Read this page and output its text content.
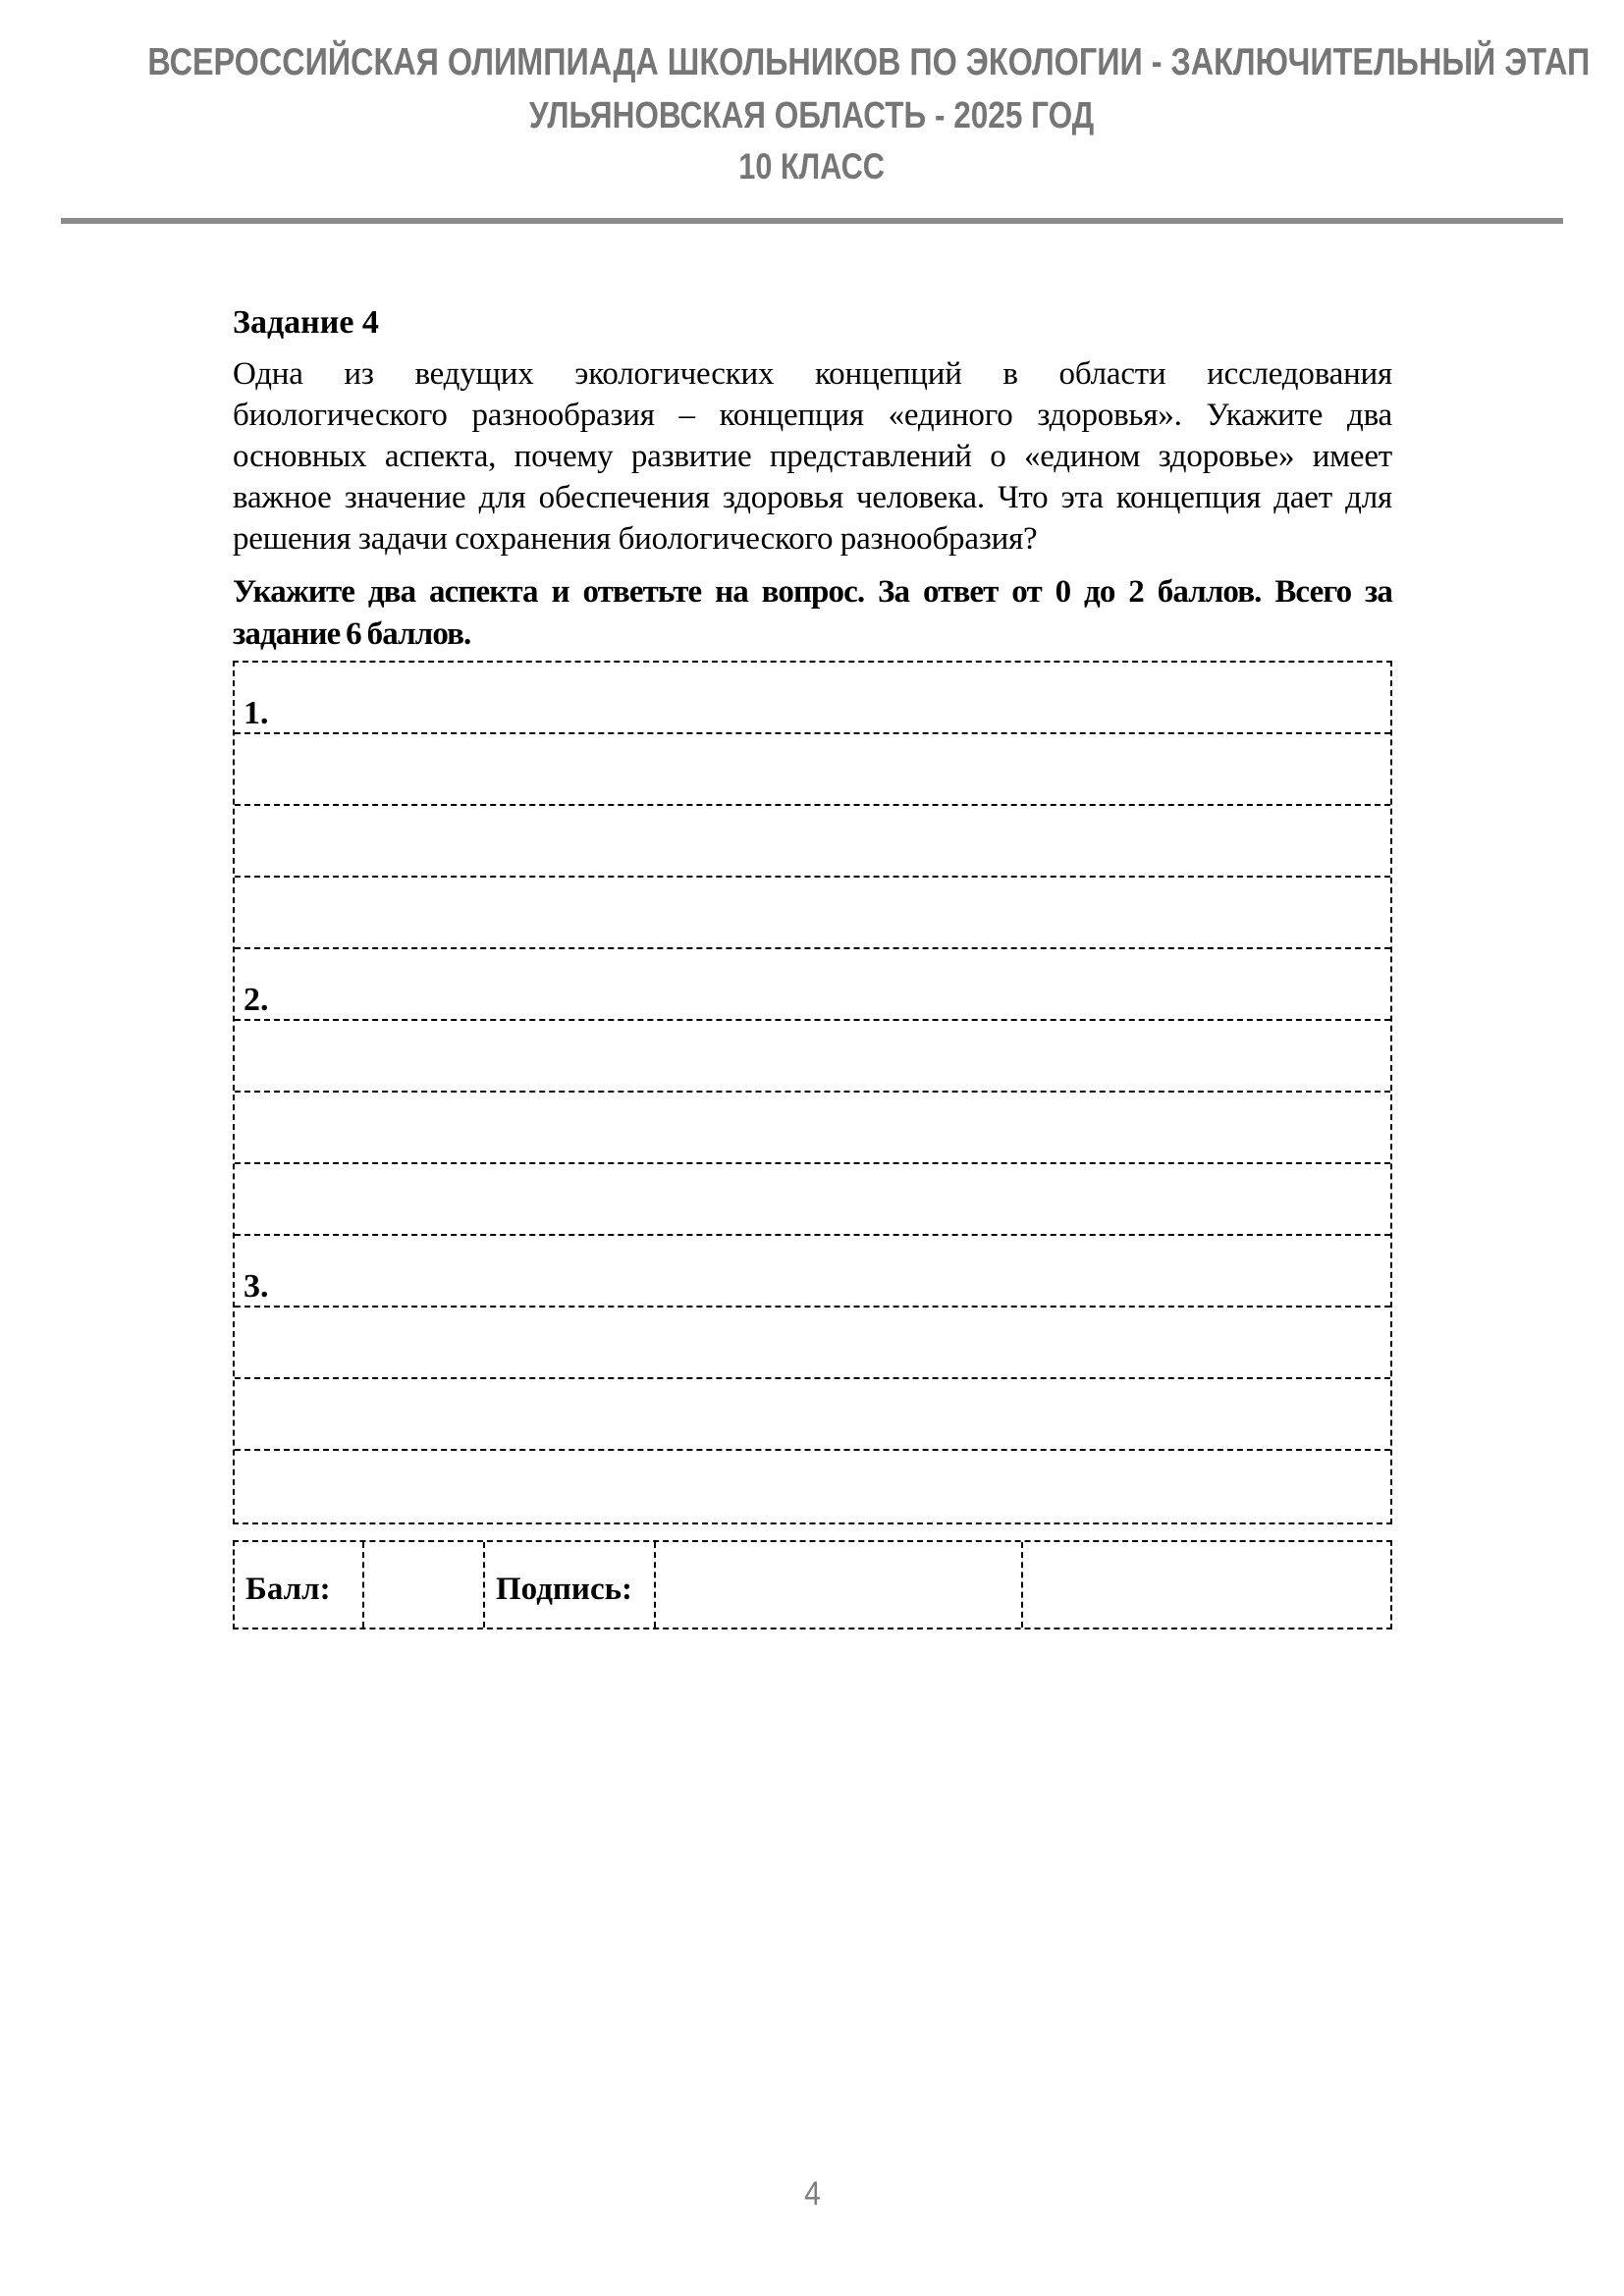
ВСЕРОССИЙСКАЯ ОЛИМПИАДА ШКОЛЬНИКОВ ПО ЭКОЛОГИИ - ЗАКЛЮЧИТЕЛЬНЫЙ ЭТАП
УЛЬЯНОВСКАЯ ОБЛАСТЬ - 2025 ГОД
10 КЛАСС
Задание 4

Одна из ведущих экологических концепций в области исследования

биологического разнообразия – концепция «единого здоровья». Укажите два

основных аспекта, почему развитие представлений о «едином здоровье» имеет

важное значение для обеспечения здоровья человека. Что эта концепция дает для

решения задачи сохранения биологического разнообразия?

Укажите два аспекта и ответьте на вопрос. За ответ от 0 до 2 баллов. Всего за

задание 6 баллов.

1.
2.
3.
Балл:	Подпись:
4
